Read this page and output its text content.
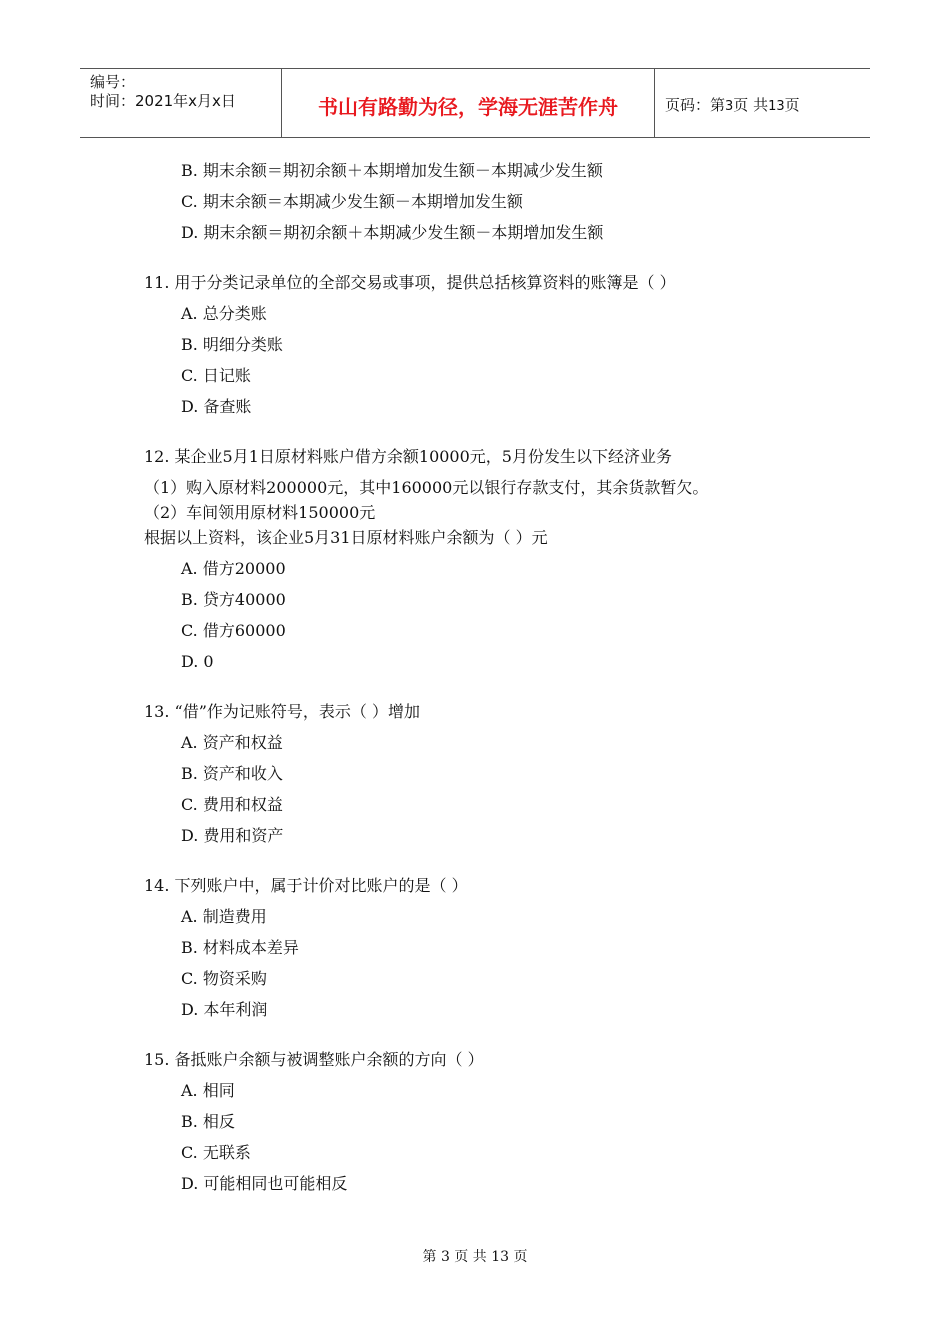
编号：
时间：2021年x月x日	书山有路勤为径，学海无涯苦作舟	页码：第3页 共13页
B. 期末余额＝期初余额＋本期增加发生额－本期减少发生额
C. 期末余额＝本期减少发生额－本期增加发生额
D. 期末余额＝期初余额＋本期减少发生额－本期增加发生额
11. 用于分类记录单位的全部交易或事项，提供总括核算资料的账簿是（ ）
A. 总分类账
B. 明细分类账
C. 日记账
D. 备查账
12. 某企业5月1日原材料账户借方余额10000元，5月份发生以下经济业务
（1）购入原材料200000元，其中160000元以银行存款支付，其余货款暂欠。
（2）车间领用原材料150000元
根据以上资料，该企业5月31日原材料账户余额为（ ）元
A. 借方20000
B. 贷方40000
C. 借方60000
D. 0
13. “借”作为记账符号，表示（ ）增加
A. 资产和权益
B. 资产和收入
C. 费用和权益
D. 费用和资产
14. 下列账户中，属于计价对比账户的是（ ）
A. 制造费用
B. 材料成本差异
C. 物资采购
D. 本年利润
15. 备抵账户余额与被调整账户余额的方向（ ）
A. 相同
B. 相反
C. 无联系
D. 可能相同也可能相反
第 3 页 共 13 页
